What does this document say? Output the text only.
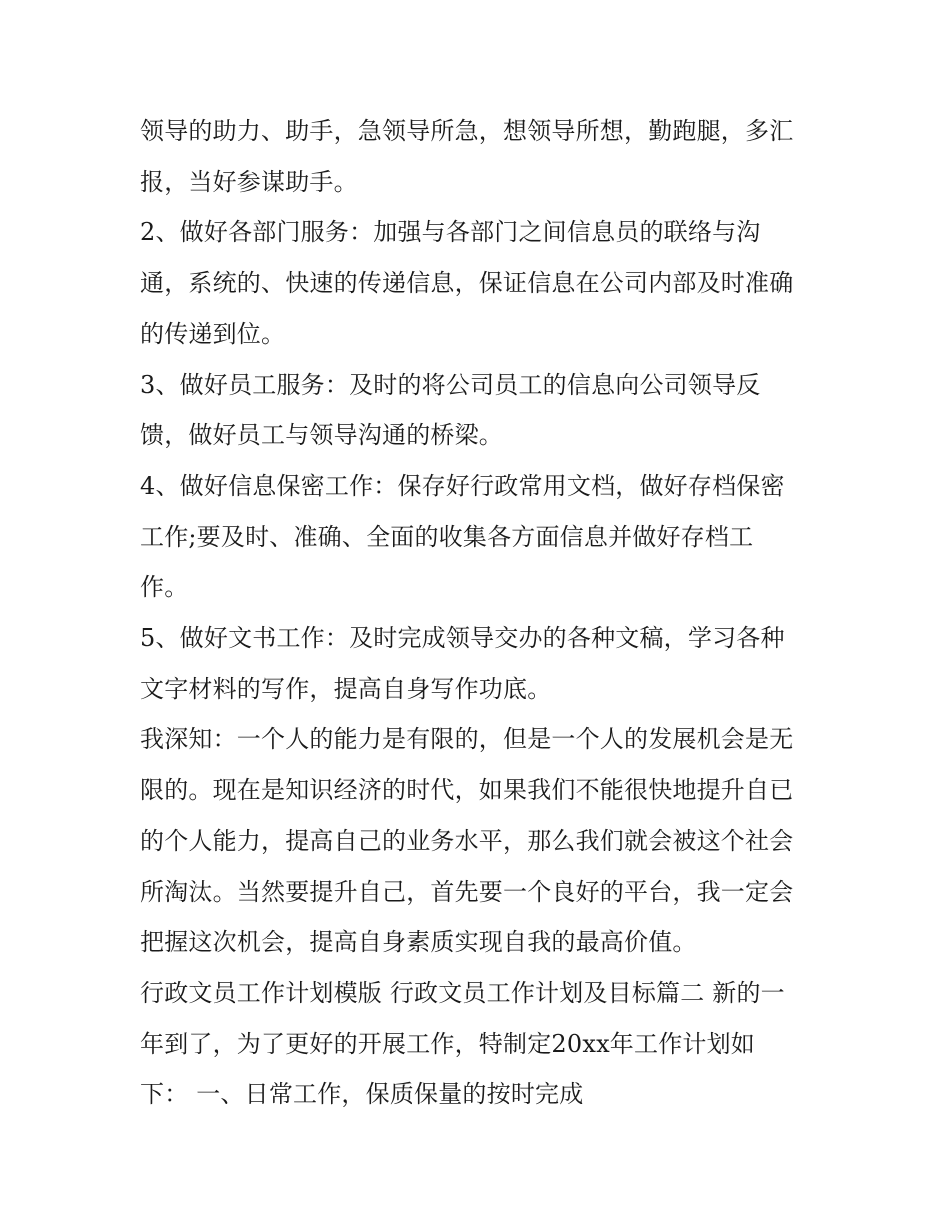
领导的助力、助手，急领导所急，想领导所想，勤跑腿，多汇
报，当好参谋助手。
2、做好各部门服务：加强与各部门之间信息员的联络与沟
通，系统的、快速的传递信息，保证信息在公司内部及时准确
的传递到位。
3、做好员工服务：及时的将公司员工的信息向公司领导反
馈，做好员工与领导沟通的桥梁。
4、做好信息保密工作：保存好行政常用文档，做好存档保密
工作;要及时、准确、全面的收集各方面信息并做好存档工
作。
5、做好文书工作：及时完成领导交办的各种文稿，学习各种
文字材料的写作，提高自身写作功底。
我深知：一个人的能力是有限的，但是一个人的发展机会是无
限的。现在是知识经济的时代，如果我们不能很快地提升自已
的个人能力，提高自己的业务水平，那么我们就会被这个社会
所淘汰。当然要提升自己，首先要一个良好的平台，我一定会
把握这次机会，提高自身素质实现自我的最高价值。
行政文员工作计划模版 行政文员工作计划及目标篇二 新的一
年到了，为了更好的开展工作，特制定20xx年工作计划如
下： 一、日常工作，保质保量的按时完成
